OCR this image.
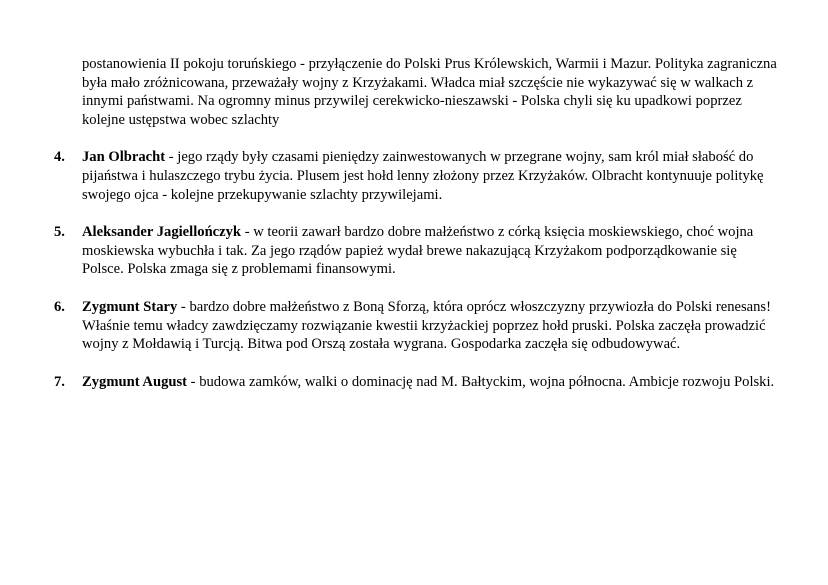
postanowienia II pokoju toruńskiego - przyłączenie do Polski Prus Królewskich, Warmii i Mazur. Polityka zagraniczna była mało zróżnicowana, przeważały wojny z Krzyżakami. Władca miał szczęście nie wykazywać się w walkach z innymi państwami. Na ogromny minus przywilej cerekwicko-nieszawski - Polska chyli się ku upadkowi poprzez kolejne ustępstwa wobec szlachty

4. Jan Olbracht - jego rządy były czasami pieniędzy zainwestowanych w przegrane wojny, sam król miał słabość do pijaństwa i hulaszczego trybu życia. Plusem jest hołd lenny złożony przez Krzyżaków. Olbracht kontynuuje politykę swojego ojca - kolejne przekupywanie szlachty przywilejami.

5. Aleksander Jagiellończyk - w teorii zawarł bardzo dobre małżeństwo z córką księcia moskiewskiego, choć wojna moskiewska wybuchła i tak. Za jego rządów papież wydał brewe nakazującą Krzyżakom podporządkowanie się Polsce. Polska zmaga się z problemami finansowymi.

6. Zygmunt Stary - bardzo dobre małżeństwo z Boną Sforzą, która oprócz włoszczyzny przywiozła do Polski renesans! Właśnie temu władcy zawdzięczamy rozwiązanie kwestii krzyżackiej poprzez hołd pruski. Polska zaczęła prowadzić wojny z Mołdawią i Turcją. Bitwa pod Orszą została wygrana. Gospodarka zaczęła się odbudowywać.

7. Zygmunt August - budowa zamków, walki o dominację nad M. Bałtyckim, wojna północna. Ambicje rozwoju Polski.
